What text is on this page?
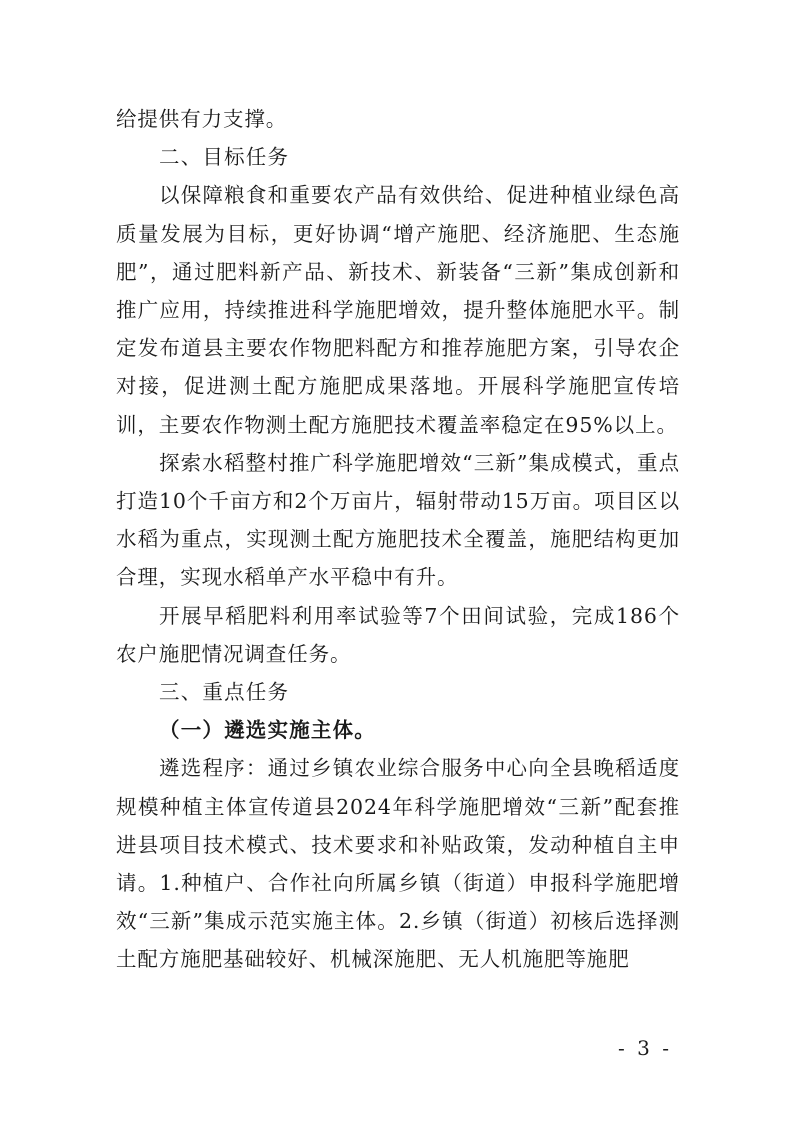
给提供有力支撑。

二、目标任务

以保障粮食和重要农产品有效供给、促进种植业绿色高质量发展为目标，更好协调“增产施肥、经济施肥、生态施肥”，通过肥料新产品、新技术、新装备“三新”集成创新和推广应用，持续推进科学施肥增效，提升整体施肥水平。制定发布道县主要农作物肥料配方和推荐施肥方案，引导农企对接，促进测土配方施肥成果落地。开展科学施肥宣传培训，主要农作物测土配方施肥技术覆盖率稳定在95%以上。

探索水稻整村推广科学施肥增效“三新”集成模式，重点打造10个千亩方和2个万亩片，辐射带动15万亩。项目区以水稻为重点，实现测土配方施肥技术全覆盖，施肥结构更加合理，实现水稻单产水平稳中有升。

开展早稻肥料利用率试验等7个田间试验，完成186个农户施肥情况调查任务。

三、重点任务

（一）遴选实施主体。

遴选程序：通过乡镇农业综合服务中心向全县晚稻适度规模种植主体宣传道县2024年科学施肥增效“三新”配套推进县项目技术模式、技术要求和补贴政策，发动种植自主申请。1.种植户、合作社向所属乡镇（街道）申报科学施肥增效“三新”集成示范实施主体。2.乡镇（街道）初核后选择测土配方施肥基础较好、机械深施肥、无人机施肥等施肥

- 3 -
